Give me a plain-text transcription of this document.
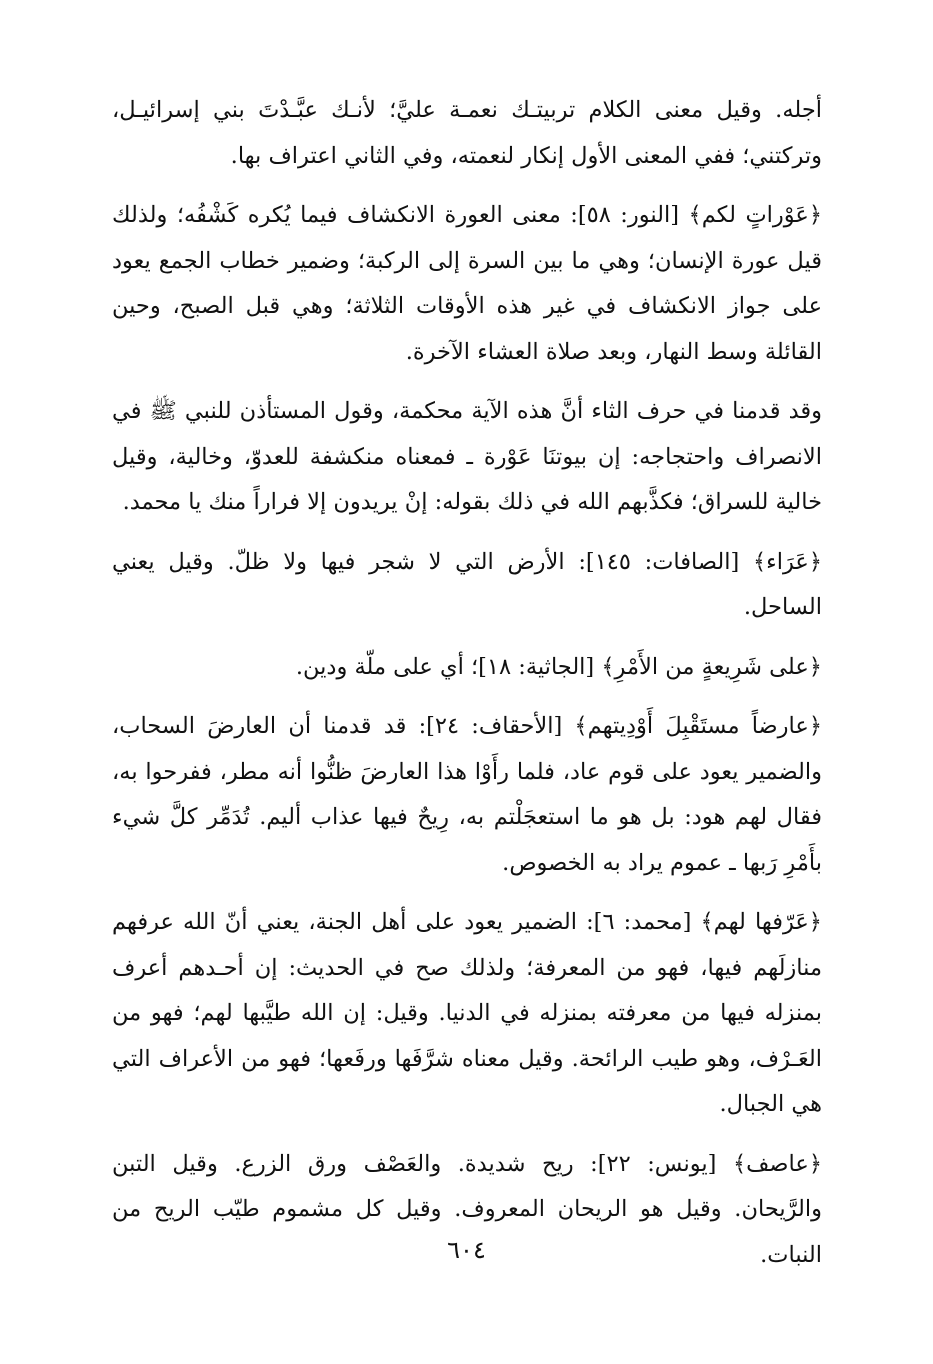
أجله. وقيل معنى الكلام تربيتـك نعمـة عليَّ؛ لأنـك عبَّـدْتَ بني إسرائيـل، وتركتني؛ ففي المعنى الأول إنكار لنعمته، وفي الثاني اعتراف بها.

﴿عَوْراتٍ لكم﴾ [النور: ٥٨]: معنى العورة الانكشاف فيما يُكره كَشْفُه؛ ولذلك قيل عورة الإنسان؛ وهي ما بين السرة إلى الركبة؛ وضمير خطاب الجمع يعود على جواز الانكشاف في غير هذه الأوقات الثلاثة؛ وهي قبل الصبح، وحين القائلة وسط النهار، وبعد صلاة العشاء الآخرة.

وقد قدمنا في حرف الثاء أنَّ هذه الآية محكمة، وقول المستأذن للنبي ﷺ في الانصراف واحتجاجه: إن بيوتنَا عَوْرة ـ فمعناه منكشفة للعدوّ، وخالية، وقيل خالية للسراق؛ فكذَّبهم الله في ذلك بقوله: إنْ يريدون إلا فراراً منك يا محمد.

﴿عَرَاء﴾ [الصافات: ١٤٥]: الأرض التي لا شجر فيها ولا ظلّ. وقيل يعني الساحل.

﴿على شَرِيعةٍ من الأَمْرِ﴾ [الجاثية: ١٨]؛ أي على ملّة ودين.

﴿عارضاً مستَقْبِلَ أَوْدِيتهم﴾ [الأحقاف: ٢٤]: قد قدمنا أن العارضَ السحاب، والضمير يعود على قوم عاد، فلما رأَوْا هذا العارضَ ظنُّوا أنه مطر، ففرحوا به، فقال لهم هود: بل هو ما استعجَلْتم به، رِيحٌ فيها عذاب أليم. تُدَمِّر كلَّ شيء بأَمْرِ رَبها ـ عموم يراد به الخصوص.

﴿عَرّفها لهم﴾ [محمد: ٦]: الضمير يعود على أهل الجنة، يعني أنّ الله عرفهم منازلَهم فيها، فهو من المعرفة؛ ولذلك صح في الحديث: إن أحـدهم أعرف بمنزله فيها من معرفته بمنزله في الدنيا. وقيل: إن الله طيَّبها لهم؛ فهو من العَـرْف، وهو طيب الرائحة. وقيل معناه شرَّفَها ورفَعها؛ فهو من الأعراف التي هي الجبال.

﴿عاصف﴾ [يونس: ٢٢]: ريح شديدة. والعَصْف ورق الزرع. وقيل التبن والرَّيحان. وقيل هو الريحان المعروف. وقيل كل مشموم طيّب الريح من النبات.

٦٠٤
